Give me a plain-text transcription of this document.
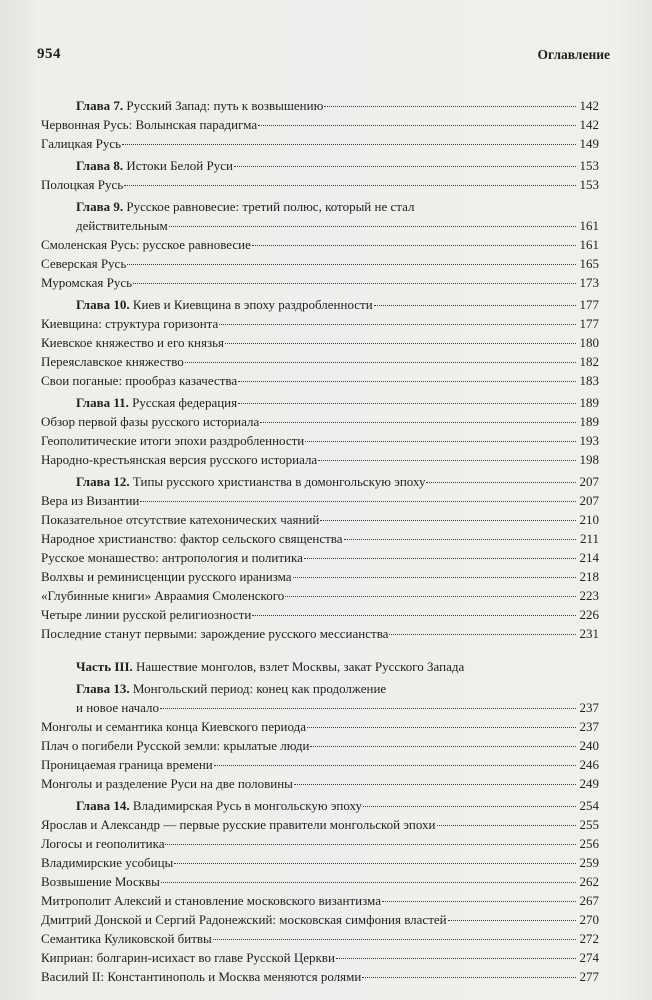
954	Оглавление
Глава 7. Русский Запад: путь к возвышению	142
Червонная Русь: Волынская парадигма	142
Галицкая Русь	149
Глава 8. Истоки Белой Руси	153
Полоцкая Русь	153
Глава 9. Русское равновесие: третий полюс, который не стал
действительным	161
Смоленская Русь: русское равновесие	161
Северская Русь	165
Муромская Русь	173
Глава 10. Киев и Киевщина в эпоху раздробленности	177
Киевщина: структура горизонта	177
Киевское княжество и его князья	180
Переяславское княжество	182
Свои поганые: прообраз казачества	183
Глава 11. Русская федерация	189
Обзор первой фазы русского историала	189
Геополитические итоги эпохи раздробленности	193
Народно-крестьянская версия русского историала	198
Глава 12. Типы русского христианства в домонгольскую эпоху	207
Вера из Византии	207
Показательное отсутствие катехонических чаяний	210
Народное христианство: фактор сельского священства	211
Русское монашество: антропология и политика	214
Волхвы и реминисценции русского иранизма	218
«Глубинные книги» Авраамия Смоленского	223
Четыре линии русской религиозности	226
Последние станут первыми: зарождение русского мессианства	231
Часть III. Нашествие монголов, взлет Москвы, закат Русского Запада
Глава 13. Монгольский период: конец как продолжение
и новое начало	237
Монголы и семантика конца Киевского периода	237
Плач о погибели Русской земли: крылатые люди	240
Проницаемая граница времени	246
Монголы и разделение Руси на две половины	249
Глава 14. Владимирская Русь в монгольскую эпоху	254
Ярослав и Александр — первые русские правители монгольской эпохи	255
Логосы и геополитика	256
Владимирские усобицы	259
Возвышение Москвы	262
Митрополит Алексий и становление московского византизма	267
Дмитрий Донской и Сергий Радонежский: московская симфония властей	270
Семантика Куликовской битвы	272
Киприан: болгарин-исихаст во главе Русской Церкви	274
Василий II: Константинополь и Москва меняются ролями	277
